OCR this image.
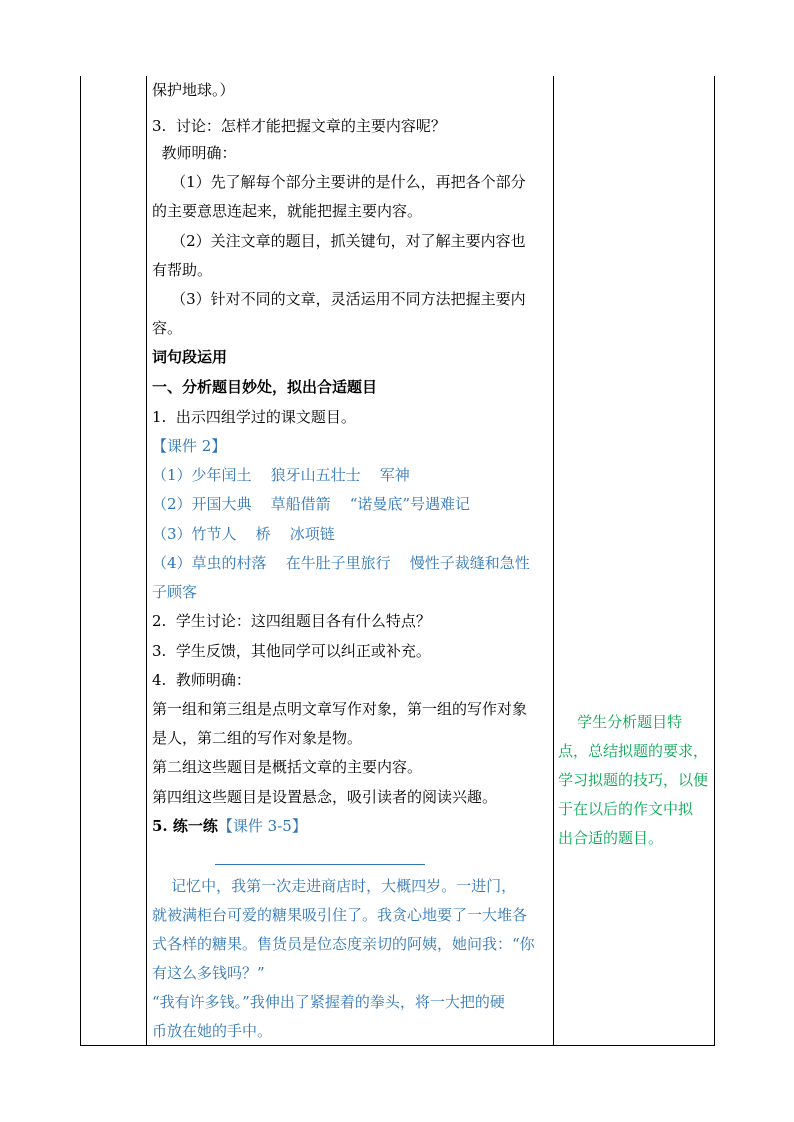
保护地球。）
3.  讨论：怎样才能把握文章的主要内容呢？
教师明确：
（1）先了解每个部分主要讲的是什么，再把各个部分
的主要意思连起来，就能把握主要内容。
（2）关注文章的题目，抓关键句，对了解主要内容也
有帮助。
（3）针对不同的文章，灵活运用不同方法把握主要内
容。
词句段运用
一、分析题目妙处，拟出合适题目
1.  出示四组学过的课文题目。
【课件 2】
（1）少年闰土    狼牙山五壮士    军神
（2）开国大典    草船借箭    “诺曼底”号遇难记
（3）竹节人    桥    冰项链
（4）草虫的村落    在牛肚子里旅行    慢性子裁缝和急性
子顾客
2.  学生讨论：这四组题目各有什么特点？
3.  学生反馈，其他同学可以纠正或补充。
4.  教师明确：
第一组和第三组是点明文章写作对象，第一组的写作对象
是人，第二组的写作对象是物。
第二组这些题目是概括文章的主要内容。
第四组这些题目是设置悬念，吸引读者的阅读兴趣。
5. 练一练【课件 3-5】
记忆中，我第一次走进商店时，大概四岁。一进门，
就被满柜台可爱的糖果吸引住了。我贪心地要了一大堆各
式各样的糖果。售货员是位态度亲切的阿姨，她问我：“你
有这么多钱吗？”
“我有许多钱。”我伸出了紧握着的拳头，将一大把的硬
币放在她的手中。
学生分析题目特
点，总结拟题的要求，
学习拟题的技巧，以便
于在以后的作文中拟
出合适的题目。
